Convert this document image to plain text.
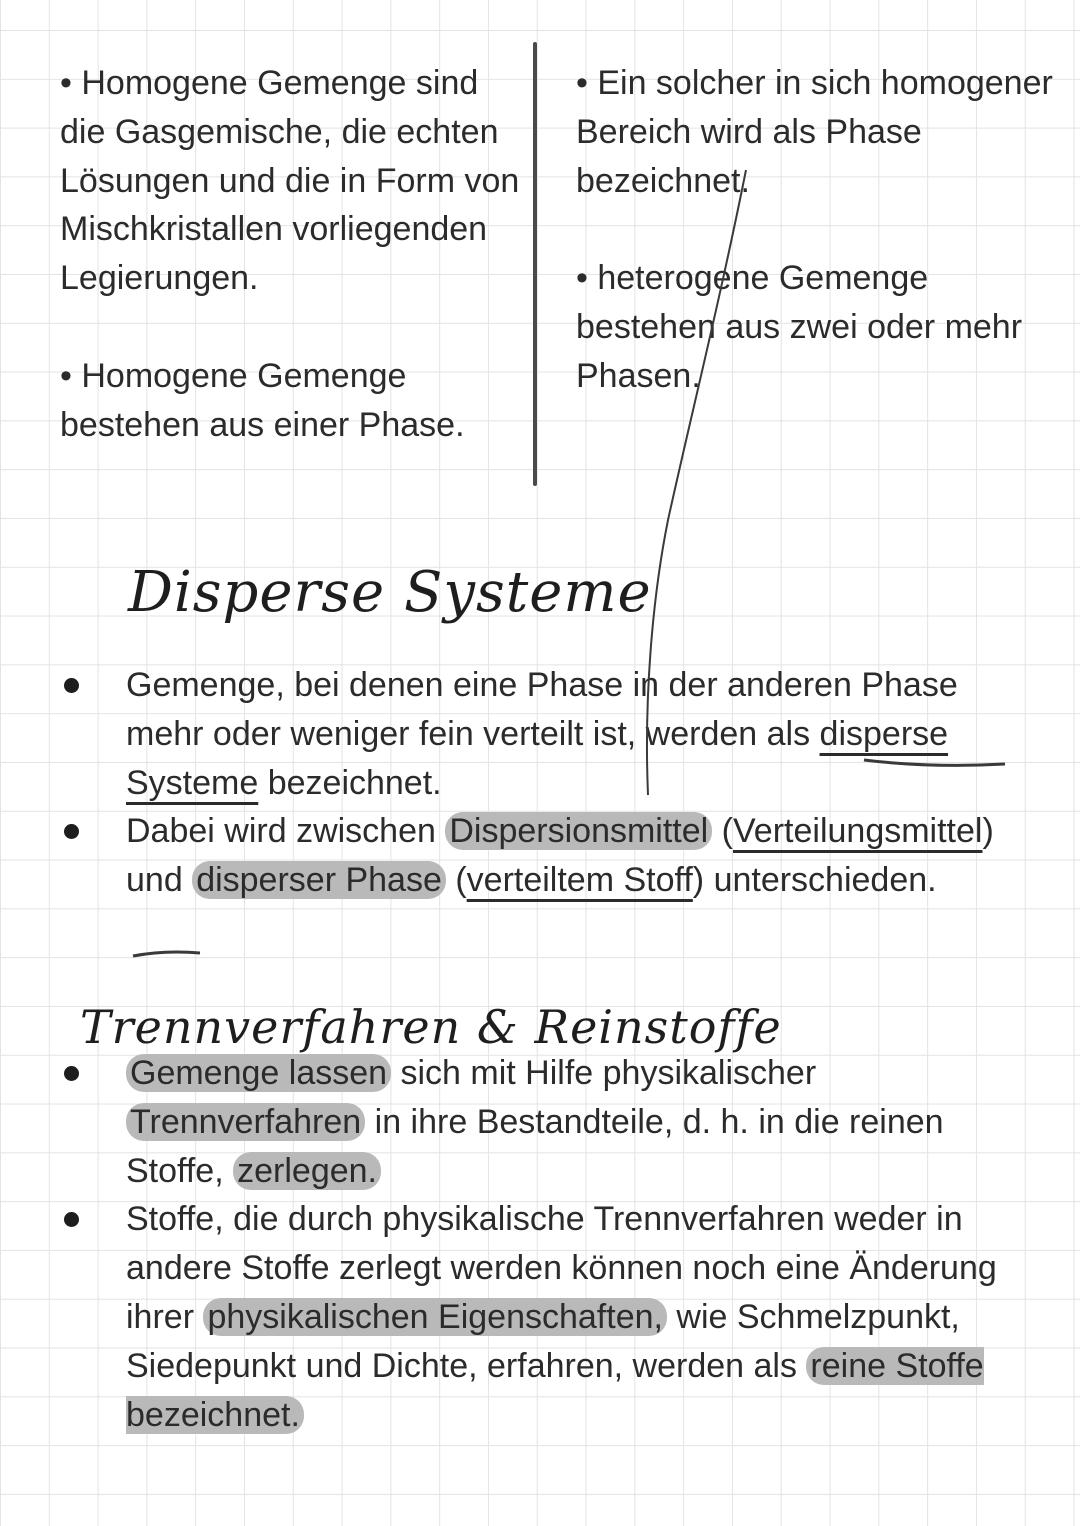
• Homogene Gemenge sind die Gasgemische, die echten Lösungen und die in Form von Mischkristallen vorliegenden Legierungen.

• Homogene Gemenge bestehen aus einer Phase.

• Ein solcher in sich homogener Bereich wird als Phase bezeichnet.

• heterogene Gemenge bestehen aus zwei oder mehr Phasen.

Disperse Systeme
Gemenge, bei denen eine Phase in der anderen Phase mehr oder weniger fein verteilt ist, werden als disperse Systeme bezeichnet.
Dabei wird zwischen Dispersionsmittel (Verteilungsmittel) und disperser Phase (verteiltem Stoff) unterschieden.
Trennverfahren & Reinstoffe
Gemenge lassen sich mit Hilfe physikalischer Trennverfahren in ihre Bestandteile, d. h. in die reinen Stoffe, zerlegen.
Stoffe, die durch physikalische Trennverfahren weder in andere Stoffe zerlegt werden können noch eine Änderung ihrer physikalischen Eigenschaften, wie Schmelzpunkt, Siedepunkt und Dichte, erfahren, werden als reine Stoffe bezeichnet.
